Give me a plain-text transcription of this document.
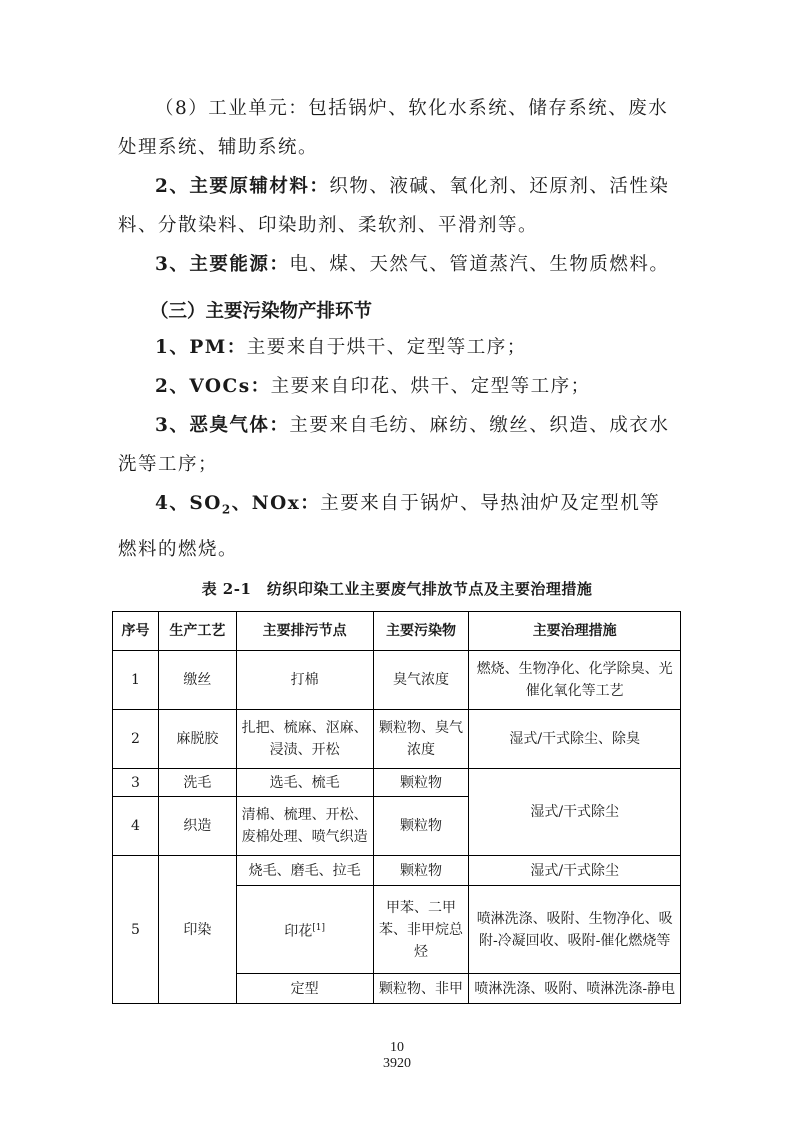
（8）工业单元：包括锅炉、软化水系统、储存系统、废水处理系统、辅助系统。

2、主要原辅材料：织物、液碱、氧化剂、还原剂、活性染料、分散染料、印染助剂、柔软剂、平滑剂等。

3、主要能源：电、煤、天然气、管道蒸汽、生物质燃料。

（三）主要污染物产排环节

1、PM：主要来自于烘干、定型等工序；

2、VOCs：主要来自印花、烘干、定型等工序；

3、恶臭气体：主要来自毛纺、麻纺、缴丝、织造、成衣水洗等工序；

4、$SO_2$、NOx：主要来自于锅炉、导热油炉及定型机等燃料的燃烧。

表 2-1　纺织印染工业主要废气排放节点及主要治理措施
序号	生产工艺	主要排污节点	主要污染物	主要治理措施
1	缴丝	打棉	臭气浓度	燃烧、生物净化、化学除臭、光催化氧化等工艺
2	麻脱胶	扎把、梳麻、沤麻、浸渍、开松	颗粒物、臭气浓度	湿式/干式除尘、除臭
3	洗毛	选毛、梳毛	颗粒物	湿式/干式除尘
4	织造	清棉、梳理、开松、废棉处理、喷气织造	颗粒物	
5	印染	烧毛、磨毛、拉毛	颗粒物	湿式/干式除尘
		印花[1]	甲苯、二甲苯、非甲烷总烃	喷淋洗涤、吸附、生物净化、吸附-冷凝回收、吸附-催化燃烧等
		定型	颗粒物、非甲	喷淋洗涤、吸附、喷淋洗涤-静电
10
3920
